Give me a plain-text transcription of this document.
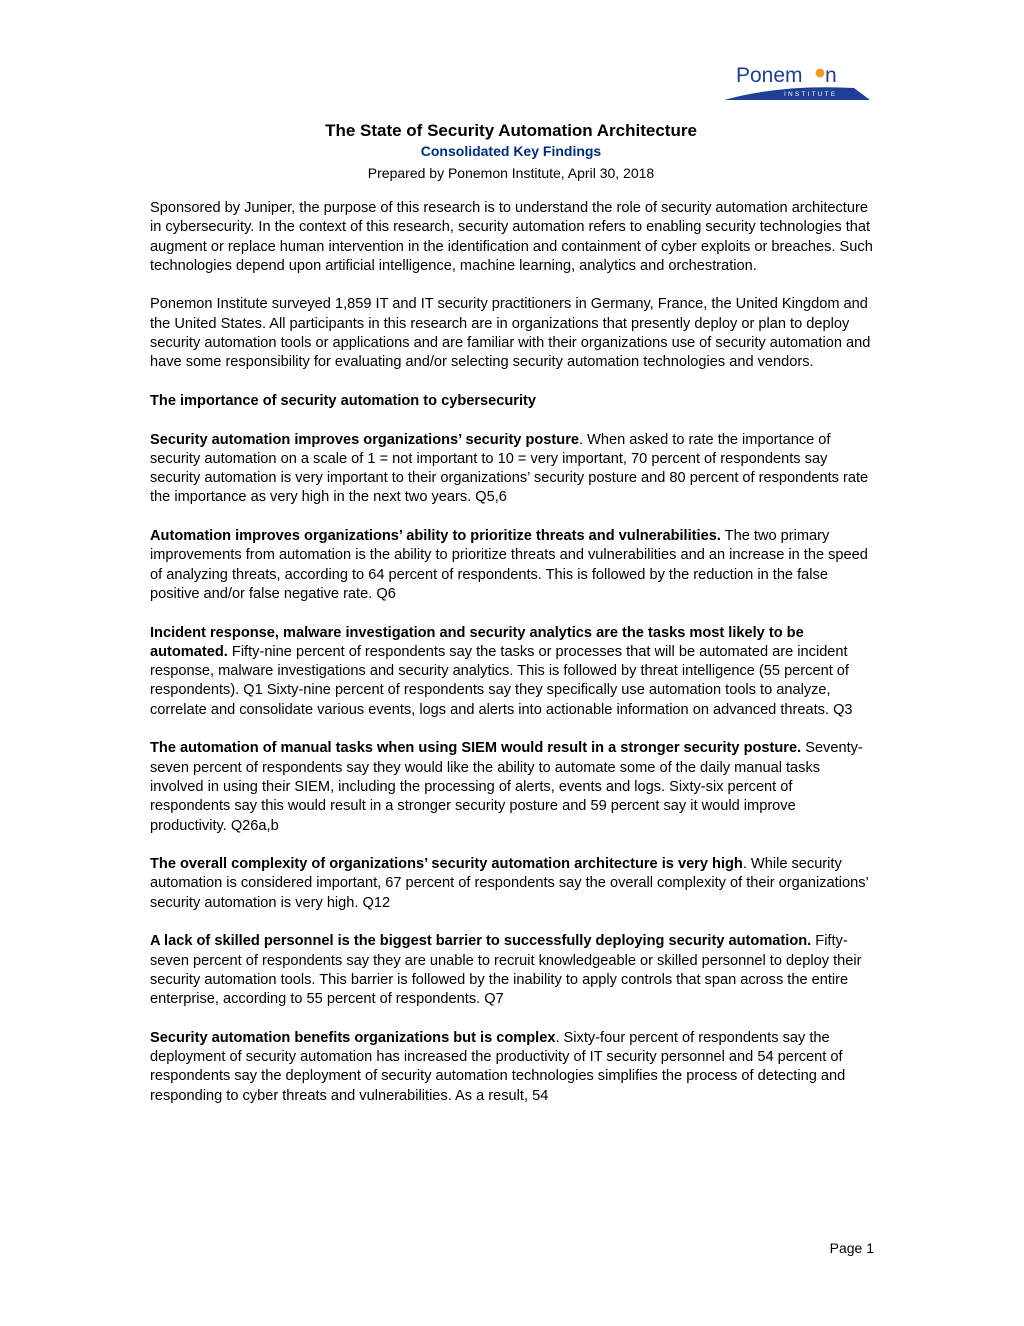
Ponem n
INSTITUTE

The State of Security Automation Architecture

Consolidated Key Findings

Prepared by Ponemon Institute, April 30, 2018

Sponsored by Juniper, the purpose of this research is to understand the role of security automation architecture in cybersecurity. In the context of this research, security automation refers to enabling security technologies that augment or replace human intervention in the identification and containment of cyber exploits or breaches. Such technologies depend upon artificial intelligence, machine learning, analytics and orchestration.

Ponemon Institute surveyed 1,859 IT and IT security practitioners in Germany, France, the United Kingdom and the United States. All participants in this research are in organizations that presently deploy or plan to deploy security automation tools or applications and are familiar with their organizations use of security automation and have some responsibility for evaluating and/or selecting security automation technologies and vendors.

The importance of security automation to cybersecurity

Security automation improves organizations’ security posture. When asked to rate the importance of security automation on a scale of 1 = not important to 10 = very important, 70 percent of respondents say security automation is very important to their organizations’ security posture and 80 percent of respondents rate the importance as very high in the next two years. Q5,6

Automation improves organizations’ ability to prioritize threats and vulnerabilities. The two primary improvements from automation is the ability to prioritize threats and vulnerabilities and an increase in the speed of analyzing threats, according to 64 percent of respondents. This is followed by the reduction in the false positive and/or false negative rate. Q6

Incident response, malware investigation and security analytics are the tasks most likely to be automated. Fifty-nine percent of respondents say the tasks or processes that will be automated are incident response, malware investigations and security analytics. This is followed by threat intelligence (55 percent of respondents). Q1 Sixty-nine percent of respondents say they specifically use automation tools to analyze, correlate and consolidate various events, logs and alerts into actionable information on advanced threats. Q3

The automation of manual tasks when using SIEM would result in a stronger security posture. Seventy-seven percent of respondents say they would like the ability to automate some of the daily manual tasks involved in using their SIEM, including the processing of alerts, events and logs. Sixty-six percent of respondents say this would result in a stronger security posture and 59 percent say it would improve productivity. Q26a,b

The overall complexity of organizations’ security automation architecture is very high. While security automation is considered important, 67 percent of respondents say the overall complexity of their organizations’ security automation is very high. Q12

A lack of skilled personnel is the biggest barrier to successfully deploying security automation. Fifty-seven percent of respondents say they are unable to recruit knowledgeable or skilled personnel to deploy their security automation tools. This barrier is followed by the inability to apply controls that span across the entire enterprise, according to 55 percent of respondents. Q7

Security automation benefits organizations but is complex. Sixty-four percent of respondents say the deployment of security automation has increased the productivity of IT security personnel and 54 percent of respondents say the deployment of security automation technologies simplifies the process of detecting and responding to cyber threats and vulnerabilities. As a result, 54

Page 1
